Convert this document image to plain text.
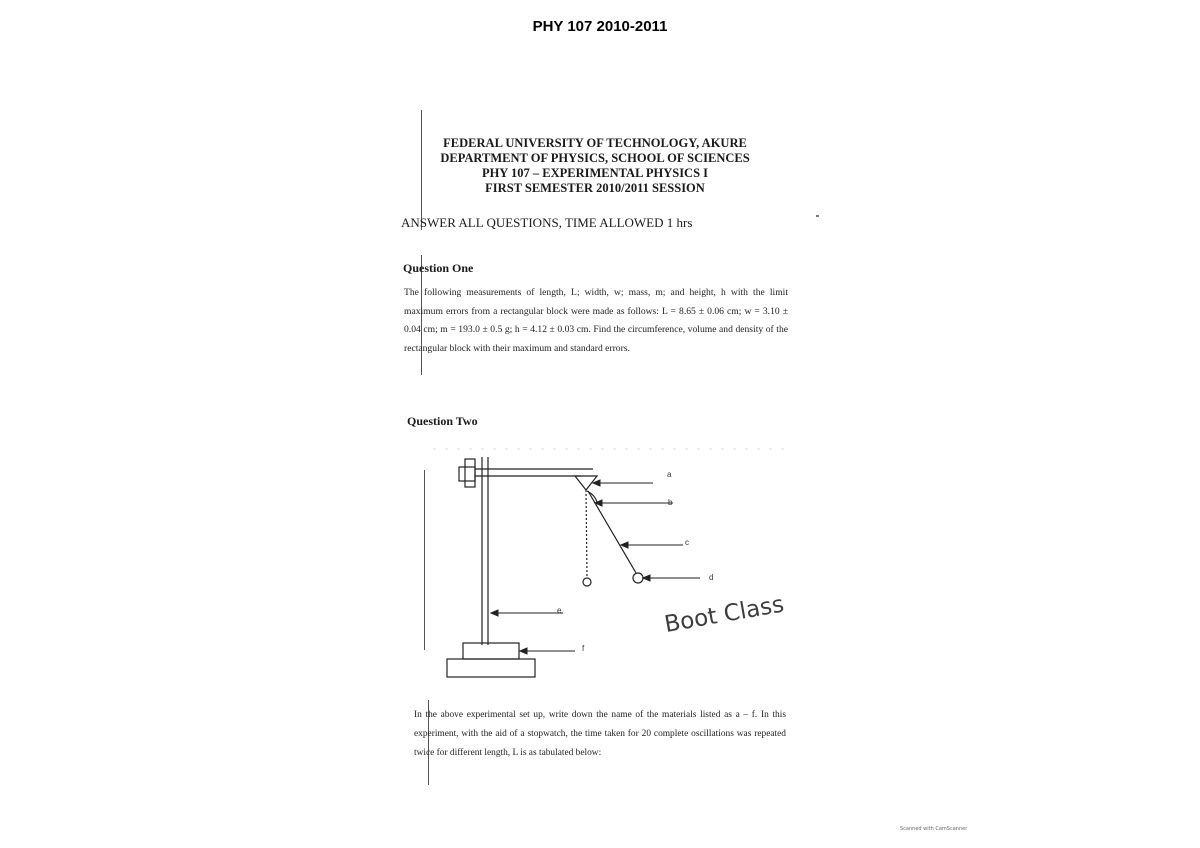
PHY 107 2010-2011
FEDERAL UNIVERSITY OF TECHNOLOGY, AKURE
DEPARTMENT OF PHYSICS, SCHOOL OF SCIENCES
PHY 107 – EXPERIMENTAL PHYSICS I
FIRST SEMESTER 2010/2011 SESSION
ANSWER ALL QUESTIONS, TIME ALLOWED 1 hrs
Question One
The following measurements of length, L; width, w; mass, m; and height, h with the limit maximum errors from a rectangular block were made as follows: L = 8.65 ± 0.06 cm; w = 3.10 ± 0.04 cm; m = 193.0 ± 0.5 g; h = 4.12 ± 0.03 cm. Find the circumference, volume and density of the rectangular block with their maximum and standard errors.
Question Two
a
b
c
d
e
f
Boot Class
In the above experimental set up, write down the name of the materials listed as a – f. In this experiment, with the aid of a stopwatch, the time taken for 20 complete oscillations was repeated twice for different length, L is as tabulated below:
Scanned with CamScanner
